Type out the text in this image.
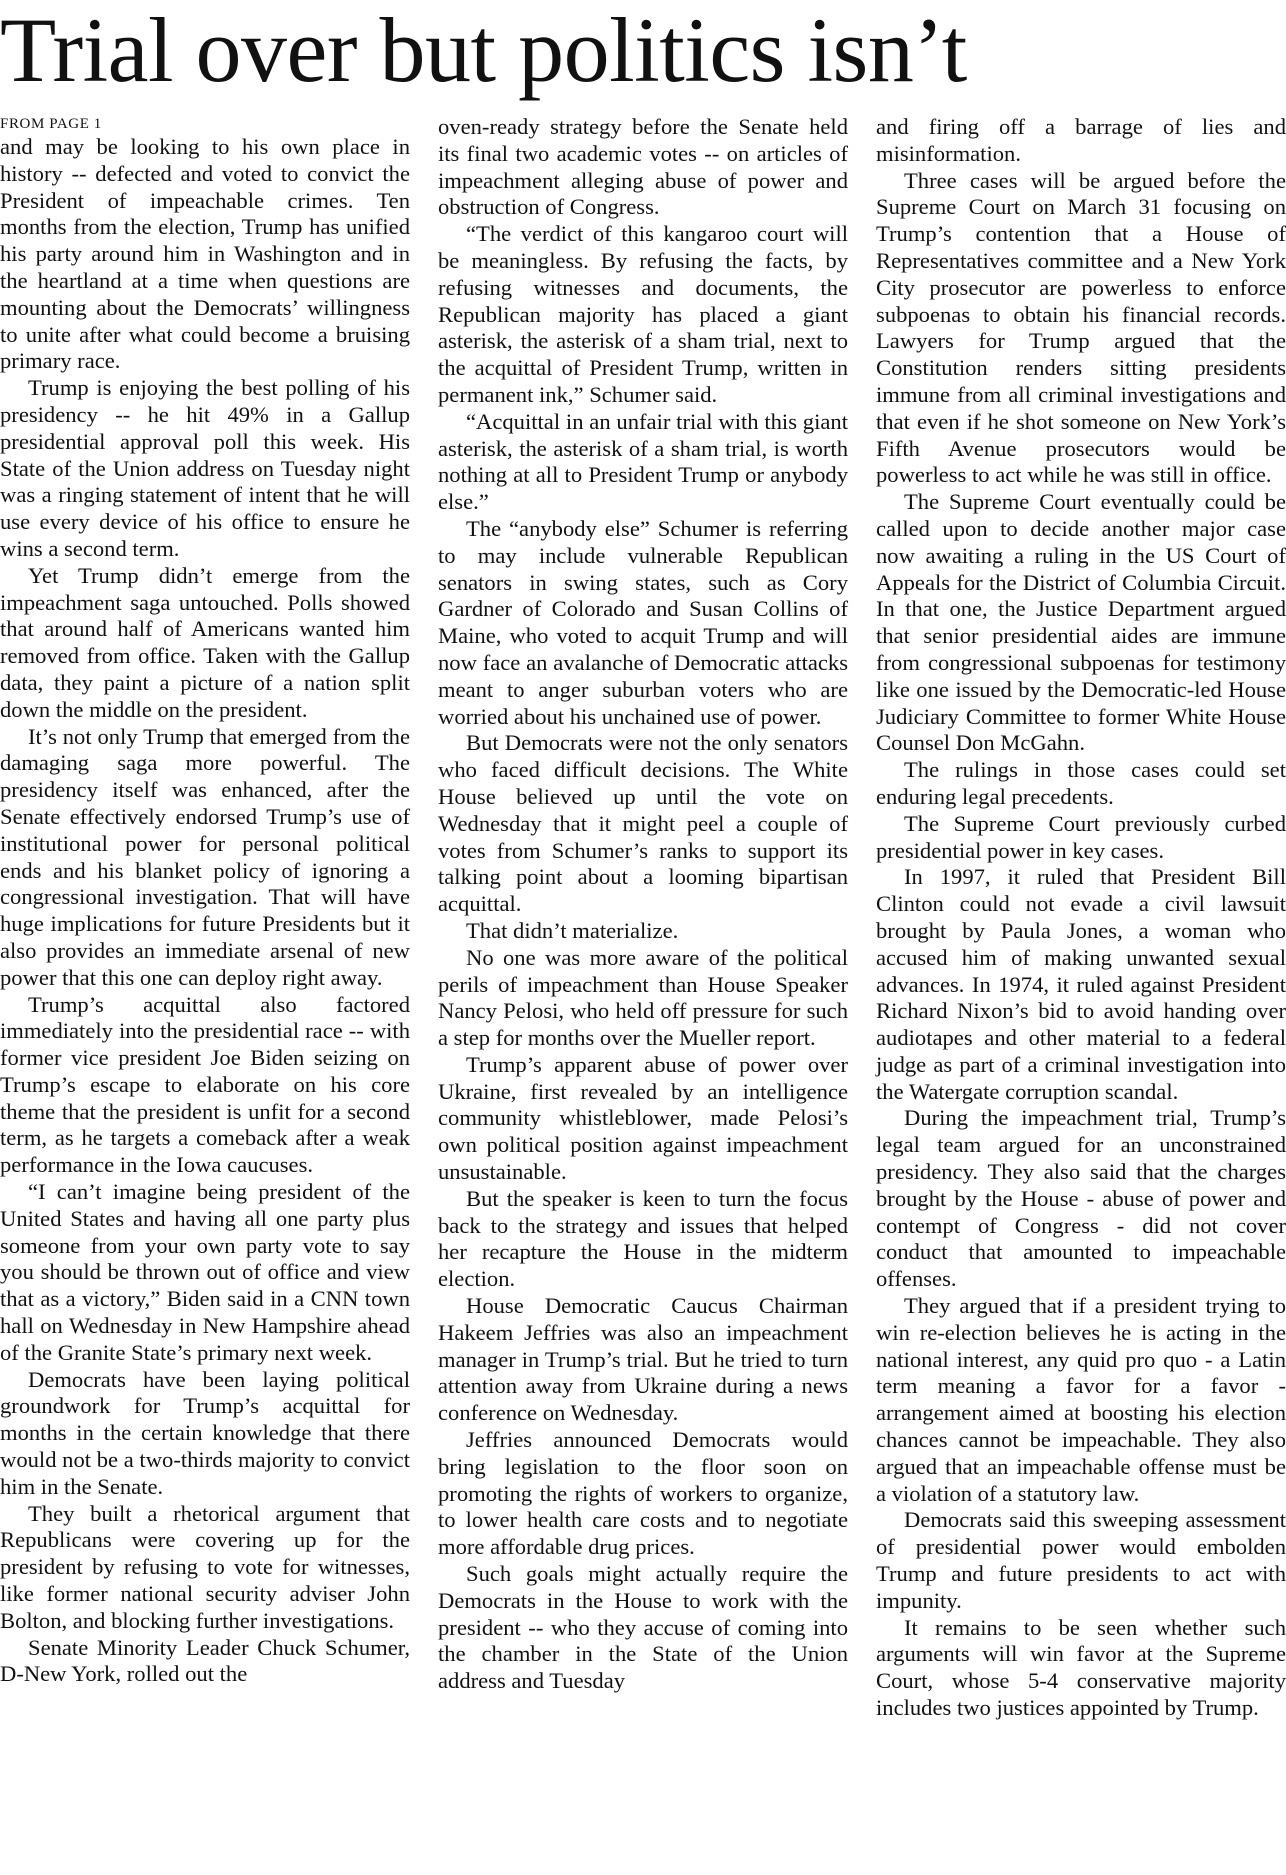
Trial over but politics isn’t

FROM PAGE 1

and may be looking to his own place in history -- defected and voted to convict the President of impeachable crimes. Ten months from the election, Trump has unified his party around him in Washington and in the heartland at a time when questions are mounting about the Democrats’ willingness to unite after what could become a bruising primary race.

Trump is enjoying the best polling of his presidency -- he hit 49% in a Gallup presidential approval poll this week. His State of the Union address on Tuesday night was a ringing statement of intent that he will use every device of his office to ensure he wins a second term.

Yet Trump didn’t emerge from the impeachment saga untouched. Polls showed that around half of Americans wanted him removed from office. Taken with the Gallup data, they paint a picture of a nation split down the middle on the president.

It’s not only Trump that emerged from the damaging saga more powerful. The presidency itself was enhanced, after the Senate effectively endorsed Trump’s use of institutional power for personal political ends and his blanket policy of ignoring a congressional investigation. That will have huge implications for future Presidents but it also provides an immediate arsenal of new power that this one can deploy right away.

Trump’s acquittal also factored immediately into the presidential race -- with former vice president Joe Biden seizing on Trump’s escape to elaborate on his core theme that the president is unfit for a second term, as he targets a comeback after a weak performance in the Iowa caucuses.

“I can’t imagine being president of the United States and having all one party plus someone from your own party vote to say you should be thrown out of office and view that as a victory,” Biden said in a CNN town hall on Wednesday in New Hampshire ahead of the Granite State’s primary next week.

Democrats have been laying political groundwork for Trump’s acquittal for months in the certain knowledge that there would not be a two-thirds majority to convict him in the Senate.

They built a rhetorical argument that Republicans were covering up for the president by refusing to vote for witnesses, like former national security adviser John Bolton, and blocking further investigations.

Senate Minority Leader Chuck Schumer, D-New York, rolled out the

oven-ready strategy before the Senate held its final two academic votes -- on articles of impeachment alleging abuse of power and obstruction of Congress.

“The verdict of this kangaroo court will be meaningless. By refusing the facts, by refusing witnesses and documents, the Republican majority has placed a giant asterisk, the asterisk of a sham trial, next to the acquittal of President Trump, written in permanent ink,” Schumer said.

“Acquittal in an unfair trial with this giant asterisk, the asterisk of a sham trial, is worth nothing at all to President Trump or anybody else.”

The “anybody else” Schumer is referring to may include vulnerable Republican senators in swing states, such as Cory Gardner of Colorado and Susan Collins of Maine, who voted to acquit Trump and will now face an avalanche of Democratic attacks meant to anger suburban voters who are worried about his unchained use of power.

But Democrats were not the only senators who faced difficult decisions. The White House believed up until the vote on Wednesday that it might peel a couple of votes from Schumer’s ranks to support its talking point about a looming bipartisan acquittal.

That didn’t materialize.

No one was more aware of the political perils of impeachment than House Speaker Nancy Pelosi, who held off pressure for such a step for months over the Mueller report.

Trump’s apparent abuse of power over Ukraine, first revealed by an intelligence community whistleblower, made Pelosi’s own political position against impeachment unsustainable.

But the speaker is keen to turn the focus back to the strategy and issues that helped her recapture the House in the midterm election.

House Democratic Caucus Chairman Hakeem Jeffries was also an impeachment manager in Trump’s trial. But he tried to turn attention away from Ukraine during a news conference on Wednesday.

Jeffries announced Democrats would bring legislation to the floor soon on promoting the rights of workers to organize, to lower health care costs and to negotiate more affordable drug prices.

Such goals might actually require the Democrats in the House to work with the president -- who they accuse of coming into the chamber in the State of the Union address and Tuesday

and firing off a barrage of lies and misinformation.

Three cases will be argued before the Supreme Court on March 31 focusing on Trump’s contention that a House of Representatives committee and a New York City prosecutor are powerless to enforce subpoenas to obtain his financial records. Lawyers for Trump argued that the Constitution renders sitting presidents immune from all criminal investigations and that even if he shot someone on New York’s Fifth Avenue prosecutors would be powerless to act while he was still in office.

The Supreme Court eventually could be called upon to decide another major case now awaiting a ruling in the US Court of Appeals for the District of Columbia Circuit. In that one, the Justice Department argued that senior presidential aides are immune from congressional subpoenas for testimony like one issued by the Democratic-led House Judiciary Committee to former White House Counsel Don McGahn.

The rulings in those cases could set enduring legal precedents.

The Supreme Court previously curbed presidential power in key cases.

In 1997, it ruled that President Bill Clinton could not evade a civil lawsuit brought by Paula Jones, a woman who accused him of making unwanted sexual advances. In 1974, it ruled against President Richard Nixon’s bid to avoid handing over audiotapes and other material to a federal judge as part of a criminal investigation into the Watergate corruption scandal.

During the impeachment trial, Trump’s legal team argued for an unconstrained presidency. They also said that the charges brought by the House - abuse of power and contempt of Congress - did not cover conduct that amounted to impeachable offenses.

They argued that if a president trying to win re-election believes he is acting in the national interest, any quid pro quo - a Latin term meaning a favor for a favor - arrangement aimed at boosting his election chances cannot be impeachable. They also argued that an impeachable offense must be a violation of a statutory law.

Democrats said this sweeping assessment of presidential power would embolden Trump and future presidents to act with impunity.

It remains to be seen whether such arguments will win favor at the Supreme Court, whose 5-4 conservative majority includes two justices appointed by Trump.
